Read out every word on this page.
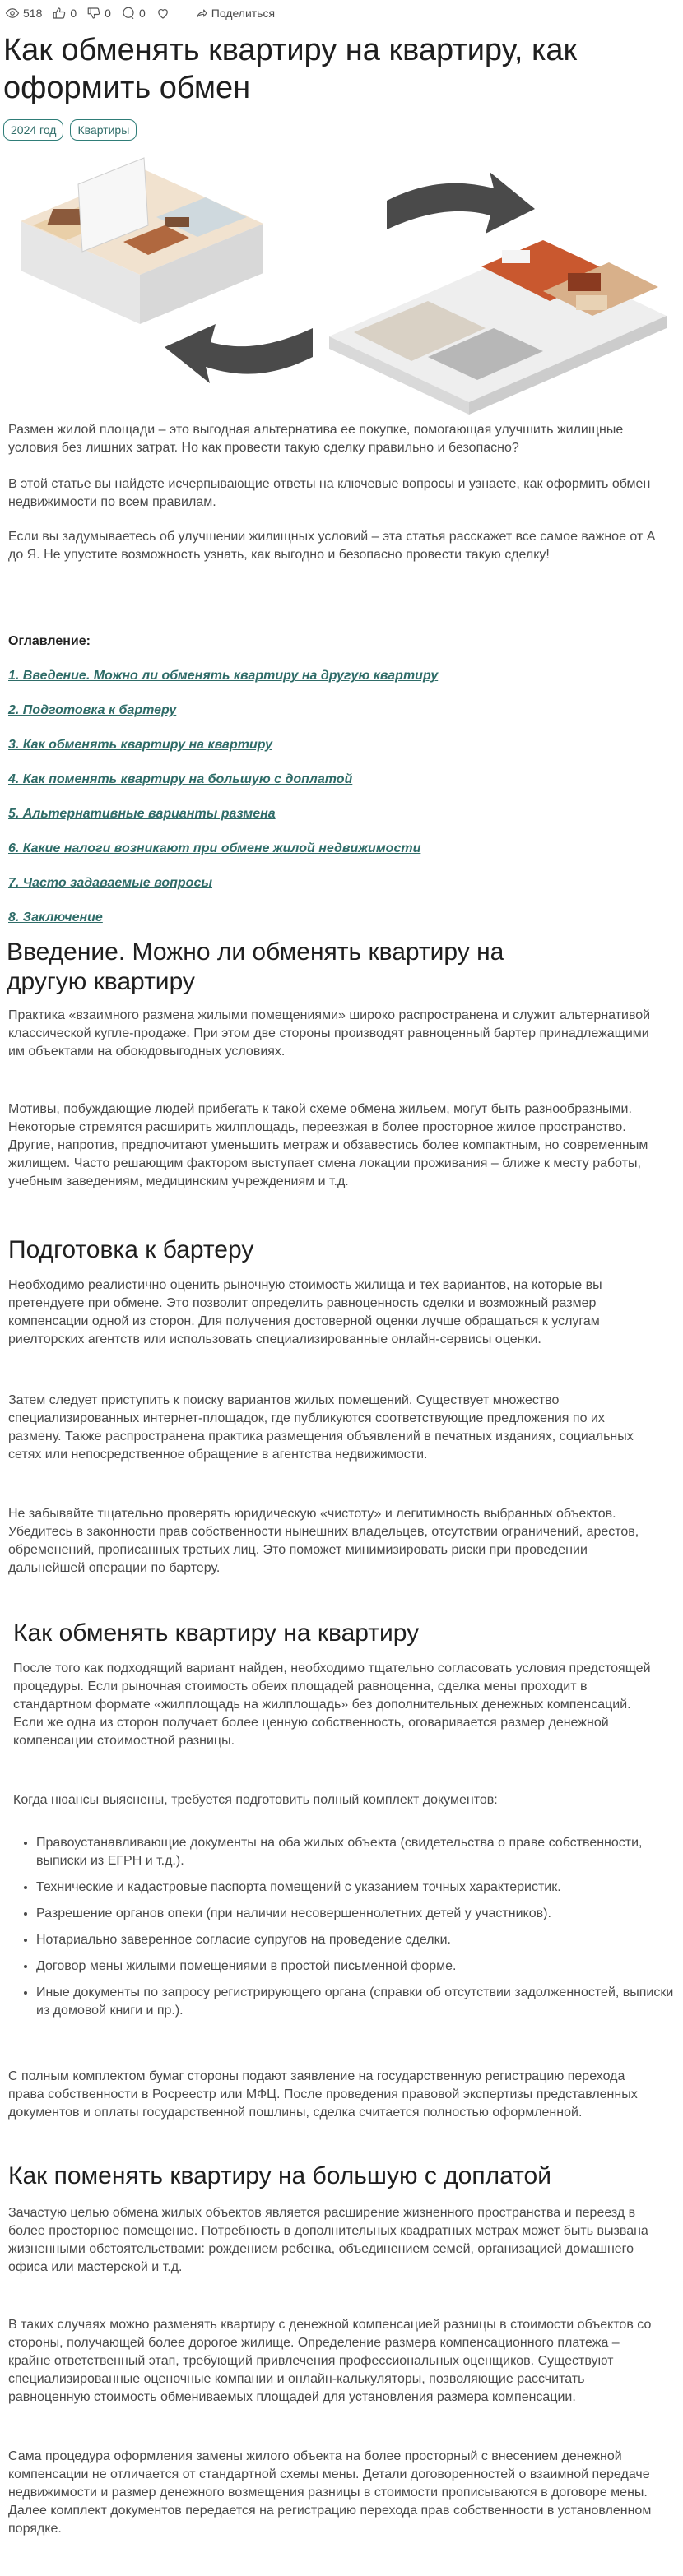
518 0 0 0	Поделиться
Как обменять квартиру на квартиру, как оформить обмен
2024 год	Квартиры

Размен жилой площади – это выгодная альтернатива ее покупке, помогающая улучшить жилищные условия без лишних затрат. Но как провести такую сделку правильно и безопасно?

В этой статье вы найдете исчерпывающие ответы на ключевые вопросы и узнаете, как оформить обмен недвижимости по всем правилам.

Если вы задумываетесь об улучшении жилищных условий – эта статья расскажет все самое важное от А до Я. Не упустите возможность узнать, как выгодно и безопасно провести такую сделку!

Оглавление:
1. Введение. Можно ли обменять квартиру на другую квартиру
2. Подготовка к бартеру
3. Как обменять квартиру на квартиру
4. Как поменять квартиру на большую с доплатой
5. Альтернативные варианты размена
6. Какие налоги возникают при обмене жилой недвижимости
7. Часто задаваемые вопросы
8. Заключение
Введение. Можно ли обменять квартиру на другую квартиру

Практика «взаимного размена жилыми помещениями» широко распространена и служит альтернативой классической купле-продаже. При этом две стороны производят равноценный бартер принадлежащими им объектами на обоюдовыгодных условиях.

Мотивы, побуждающие людей прибегать к такой схеме обмена жильем, могут быть разнообразными. Некоторые стремятся расширить жилплощадь, переезжая в более просторное жилое пространство. Другие, напротив, предпочитают уменьшить метраж и обзавестись более компактным, но современным жилищем. Часто решающим фактором выступает смена локации проживания – ближе к месту работы, учебным заведениям, медицинским учреждениям и т.д.

Подготовка к бартеру

Необходимо реалистично оценить рыночную стоимость жилища и тех вариантов, на которые вы претендуете при обмене. Это позволит определить равноценность сделки и возможный размер компенсации одной из сторон. Для получения достоверной оценки лучше обращаться к услугам риелторских агентств или использовать специализированные онлайн-сервисы оценки.

Затем следует приступить к поиску вариантов жилых помещений. Существует множество специализированных интернет-площадок, где публикуются соответствующие предложения по их размену. Также распространена практика размещения объявлений в печатных изданиях, социальных сетях или непосредственное обращение в агентства недвижимости.

Не забывайте тщательно проверять юридическую «чистоту» и легитимность выбранных объектов. Убедитесь в законности прав собственности нынешних владельцев, отсутствии ограничений, арестов, обременений, прописанных третьих лиц. Это поможет минимизировать риски при проведении дальнейшей операции по бартеру.

Как обменять квартиру на квартиру

После того как подходящий вариант найден, необходимо тщательно согласовать условия предстоящей процедуры. Если рыночная стоимость обеих площадей равноценна, сделка мены проходит в стандартном формате «жилплощадь на жилплощадь» без дополнительных денежных компенсаций. Если же одна из сторон получает более ценную собственность, оговаривается размер денежной компенсации стоимостной разницы.

Когда нюансы выяснены, требуется подготовить полный комплект документов:

• Правоустанавливающие документы на оба жилых объекта (свидетельства о праве собственности, выписки из ЕГРН и т.д.).
• Технические и кадастровые паспорта помещений с указанием точных характеристик.
• Разрешение органов опеки (при наличии несовершеннолетних детей у участников).
• Нотариально заверенное согласие супругов на проведение сделки.
• Договор мены жилыми помещениями в простой письменной форме.
• Иные документы по запросу регистрирующего органа (справки об отсутствии задолженностей, выписки из домовой книги и пр.).

С полным комплектом бумаг стороны подают заявление на государственную регистрацию перехода права собственности в Росреестр или МФЦ. После проведения правовой экспертизы представленных документов и оплаты государственной пошлины, сделка считается полностью оформленной.

Как поменять квартиру на большую с доплатой

Зачастую целью обмена жилых объектов является расширение жизненного пространства и переезд в более просторное помещение. Потребность в дополнительных квадратных метрах может быть вызвана жизненными обстоятельствами: рождением ребенка, объединением семей, организацией домашнего офиса или мастерской и т.д.

В таких случаях можно разменять квартиру с денежной компенсацией разницы в стоимости объектов со стороны, получающей более дорогое жилище. Определение размера компенсационного платежа – крайне ответственный этап, требующий привлечения профессиональных оценщиков. Существуют специализированные оценочные компании и онлайн-калькуляторы, позволяющие рассчитать равноценную стоимость обмениваемых площадей для установления размера компенсации.

Сама процедура оформления замены жилого объекта на более просторный с внесением денежной компенсации не отличается от стандартной схемы мены. Детали договоренностей о взаимной передаче недвижимости и размер денежного возмещения разницы в стоимости прописываются в договоре мены. Далее комплект документов передается на регистрацию перехода прав собственности в установленном порядке.
